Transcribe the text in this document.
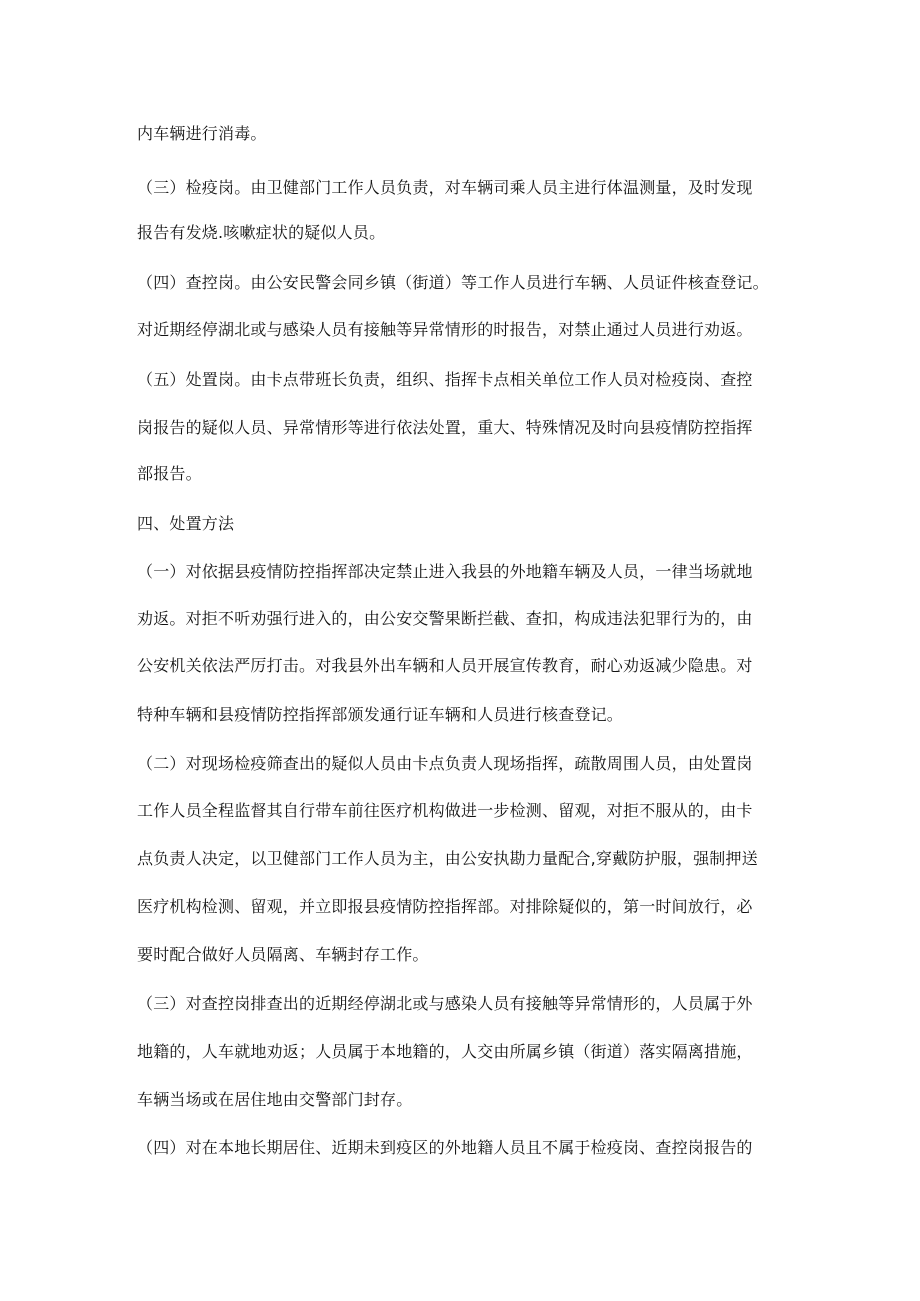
内车辆进行消毒。
（三）检疫岗。由卫健部门工作人员负责，对车辆司乘人员主进行体温测量，及时发现
报告有发烧.咳嗽症状的疑似人员。
（四）查控岗。由公安民警会同乡镇（街道）等工作人员进行车辆、人员证件核查登记。
对近期经停湖北或与感染人员有接触等异常情形的时报告，对禁止通过人员进行劝返。
（五）处置岗。由卡点带班长负责，组织、指挥卡点相关单位工作人员对检疫岗、查控
岗报告的疑似人员、异常情形等进行依法处置，重大、特殊情况及时向县疫情防控指挥
部报告。
四、处置方法
（一）对依据县疫情防控指挥部决定禁止进入我县的外地籍车辆及人员，一律当场就地
劝返。对拒不听劝强行进入的，由公安交警果断拦截、查扣，构成违法犯罪行为的，由
公安机关依法严厉打击。对我县外出车辆和人员开展宣传教育，耐心劝返减少隐患。对
特种车辆和县疫情防控指挥部颁发通行证车辆和人员进行核查登记。
（二）对现场检疫筛查出的疑似人员由卡点负责人现场指挥，疏散周围人员，由处置岗
工作人员全程监督其自行带车前往医疗机构做进一步检测、留观，对拒不服从的，由卡
点负责人决定，以卫健部门工作人员为主，由公安执勘力量配合,穿戴防护服，强制押送
医疗机构检测、留观，并立即报县疫情防控指挥部。对排除疑似的，第一时间放行，必
要时配合做好人员隔离、车辆封存工作。
（三）对查控岗排查出的近期经停湖北或与感染人员有接触等异常情形的，人员属于外
地籍的，人车就地劝返；人员属于本地籍的，人交由所属乡镇（街道）落实隔离措施，
车辆当场或在居住地由交警部门封存。
（四）对在本地长期居住、近期未到疫区的外地籍人员且不属于检疫岗、查控岗报告的
